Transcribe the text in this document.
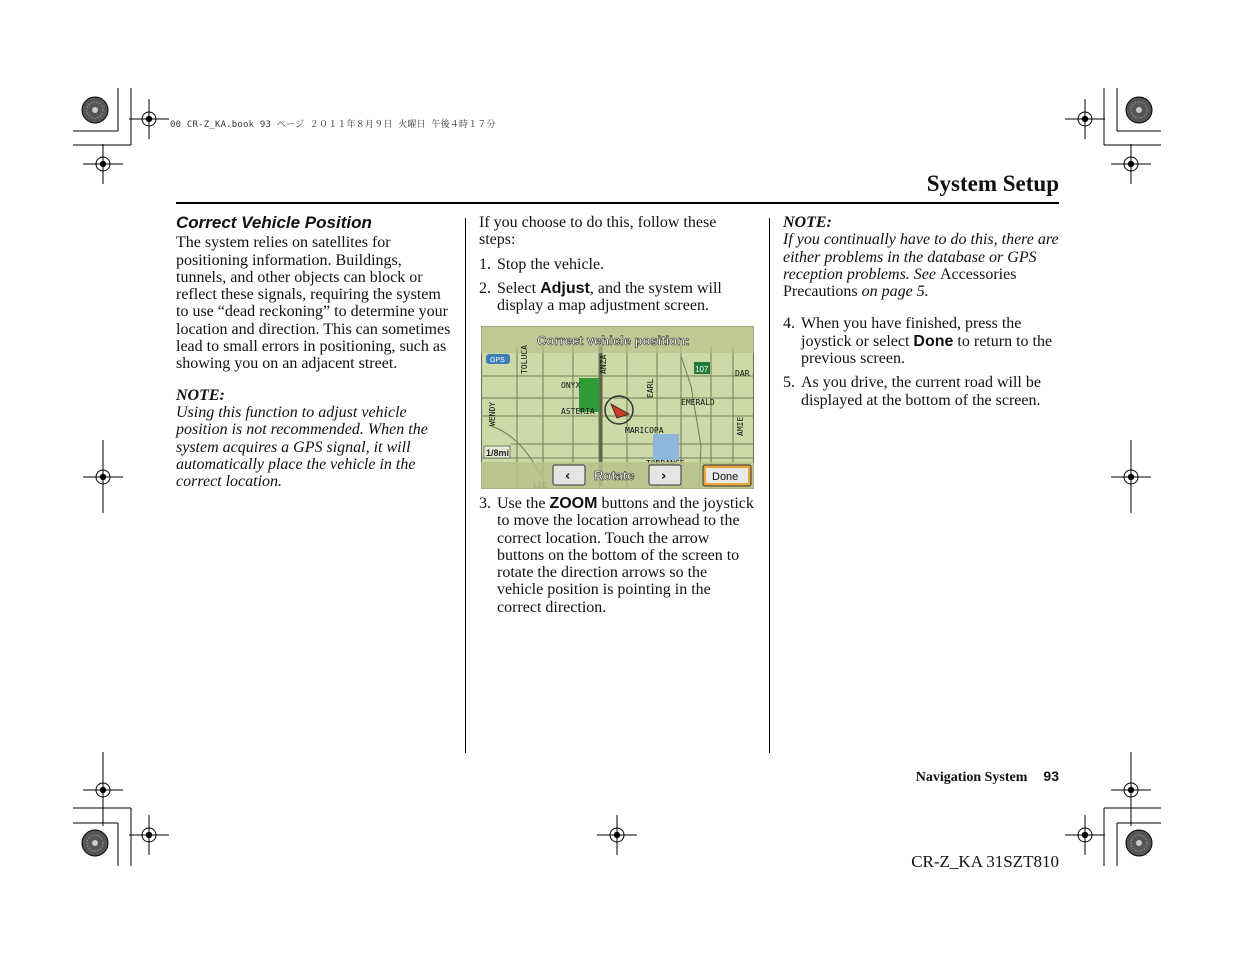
00 CR-Z_KA.book 93 ページ ２０１１年８月９日 火曜日 午後４時１７分
System Setup

Correct Vehicle Position

The system relies on satellites for positioning information. Buildings, tunnels, and other objects can block or reflect these signals, requiring the system to use “dead reckoning” to determine your location and direction. This can sometimes lead to small errors in positioning, such as showing you on an adjacent street.

NOTE:

Using this function to adjust vehicle position is not recommended. When the system acquires a GPS signal, it will automatically place the vehicle in the correct location.

If you choose to do this, follow these steps:

1. Stop the vehicle.
2. Select Adjust, and the system will display a map adjustment screen.
Correct vehicle position:
GPS
107
ONYX
ASTERIA
MARICOPA
EARL
DAR
EMERALD
WENDY
AMIE
TOLUCA	ANZA
1/8mi
‹ Rotate ›	Done
3. Use the ZOOM buttons and the joystick to move the location arrowhead to the correct location. Touch the arrow buttons on the bottom of the screen to rotate the direction arrows so the vehicle position is pointing in the correct direction.

NOTE:

If you continually have to do this, there are either problems in the database or GPS reception problems. See Accessories Precautions on page 5.

4. When you have finished, press the joystick or select Done to return to the previous screen.
5. As you drive, the current road will be displayed at the bottom of the screen.
Navigation System 93
CR-Z_KA 31SZT810
